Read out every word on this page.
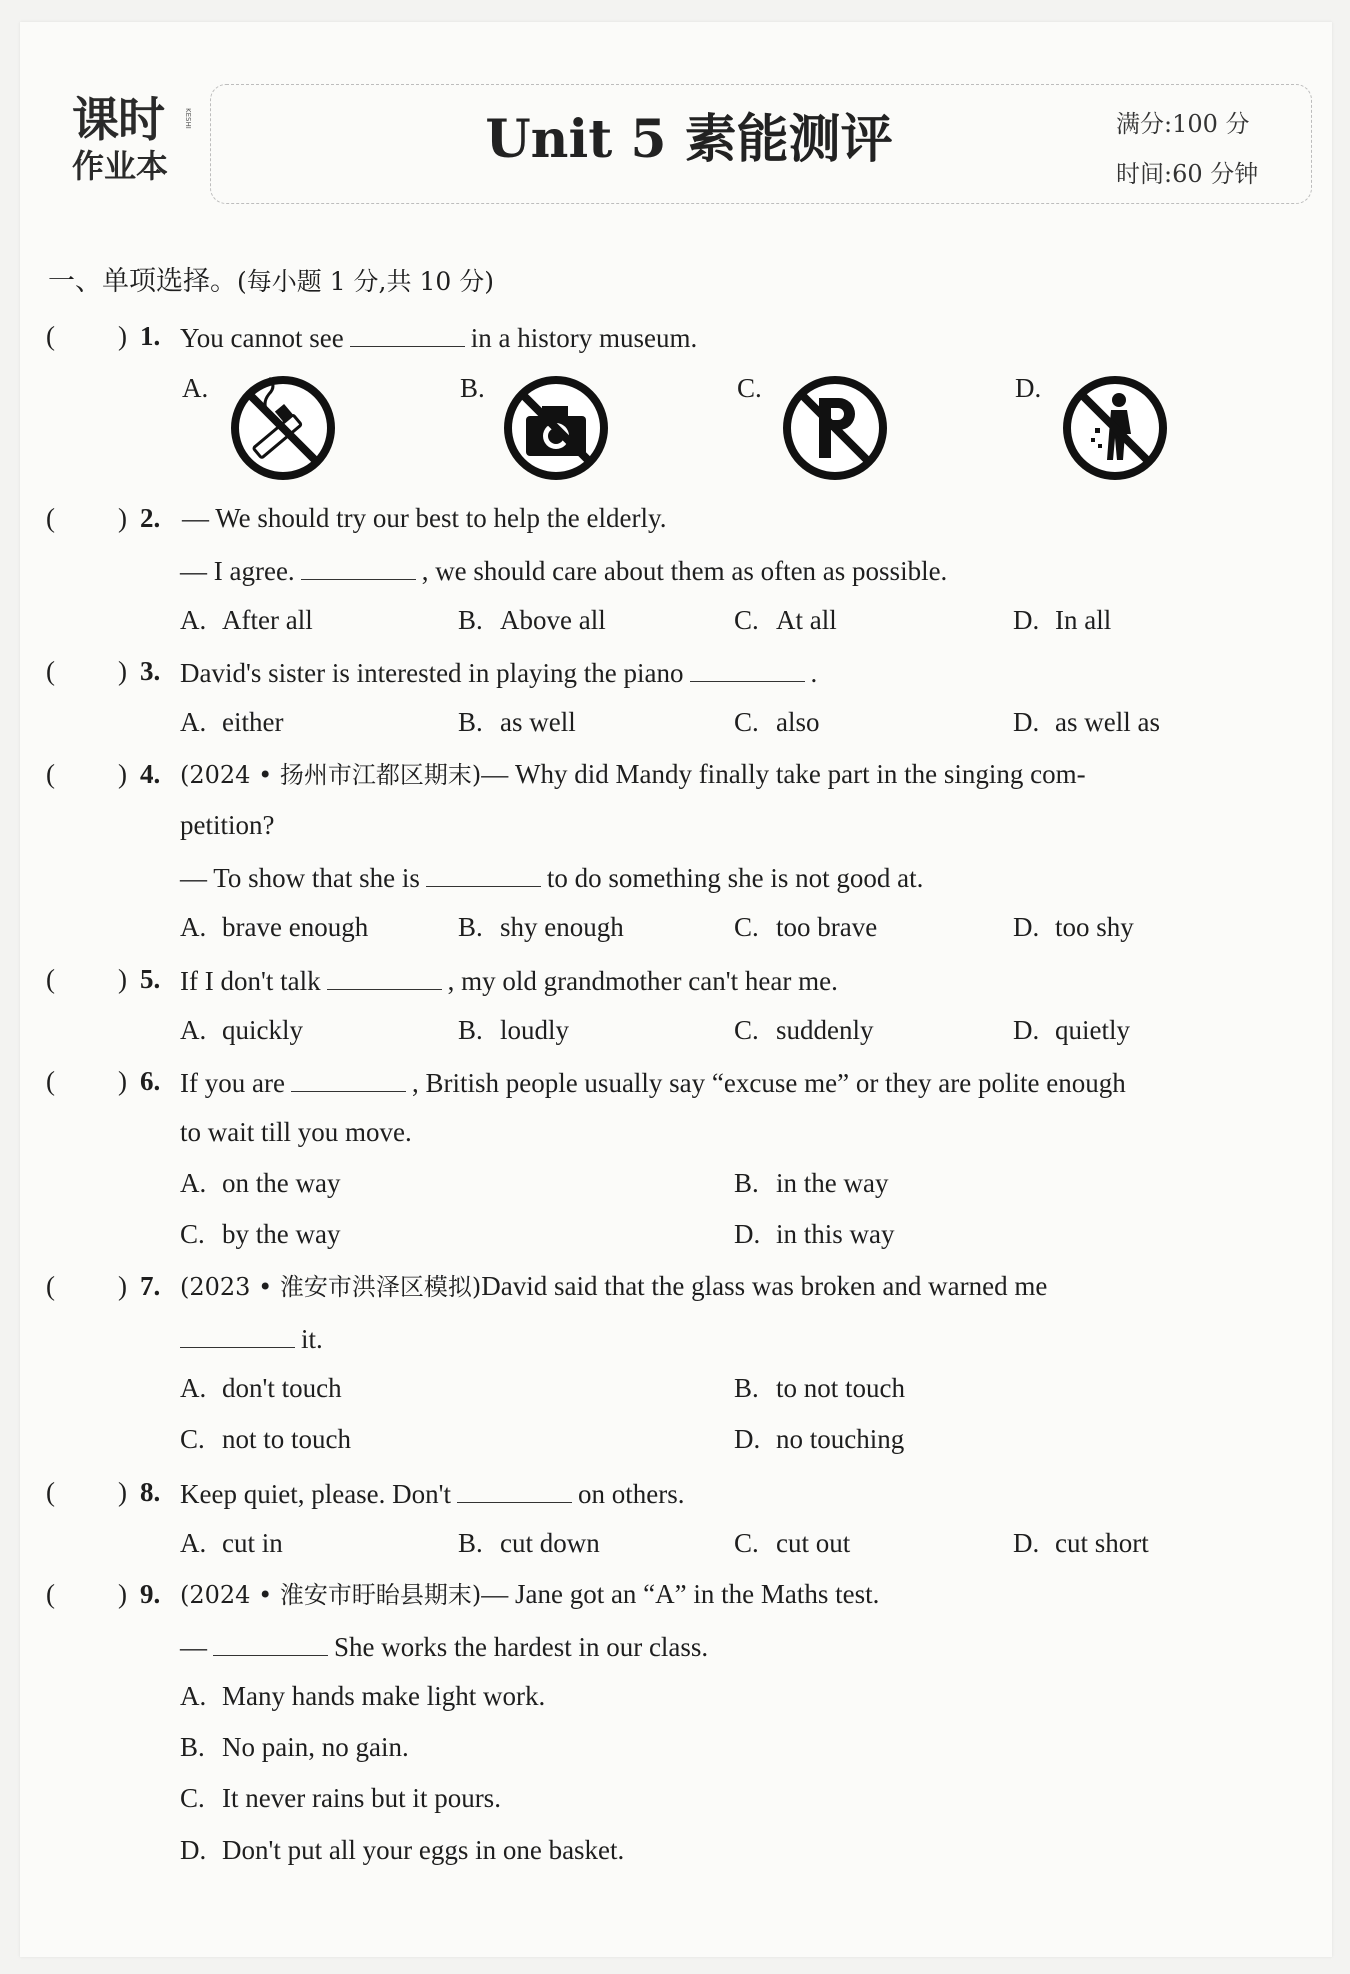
课时
作业本
KESHI	Unit 5 素能测评	满分:100 分
时间:60 分钟
一、单项选择。(每小题 1 分,共 10 分)
( ) 1. You cannot see	in a history museum.
A.	B.	C.	D.
( ) 2. — We should try our best to help the elderly.
— I agree.	, we should care about them as often as possible.
A. After all	B. Above all	C. At all	D. In all
( ) 3. David's sister is interested in playing the piano	.
A. either	B. as well	C. also	D. as well as
( ) 4. (2024 • 扬州市江都区期末)— Why did Mandy finally take part in the singing com-
petition?
— To show that she is	to do something she is not good at.
A. brave enough	B. shy enough	C. too brave	D. too shy
( ) 5. If I don't talk	, my old grandmother can't hear me.
A. quickly	B. loudly	C. suddenly	D. quietly
( ) 6. If you are	, British people usually say “excuse me” or they are polite enough
to wait till you move.
A. on the way	B. in the way
C. by the way	D. in this way
( ) 7. (2023 • 淮安市洪泽区模拟)David said that the glass was broken and warned me
it.
A. don't touch	B. to not touch
C. not to touch	D. no touching
( ) 8. Keep quiet, please. Don't	on others.
A. cut in	B. cut down	C. cut out	D. cut short
( ) 9. (2024 • 淮安市盱眙县期末)— Jane got an “A” in the Maths test.
—	She works the hardest in our class.
A. Many hands make light work.
B. No pain, no gain.
C. It never rains but it pours.
D. Don't put all your eggs in one basket.
